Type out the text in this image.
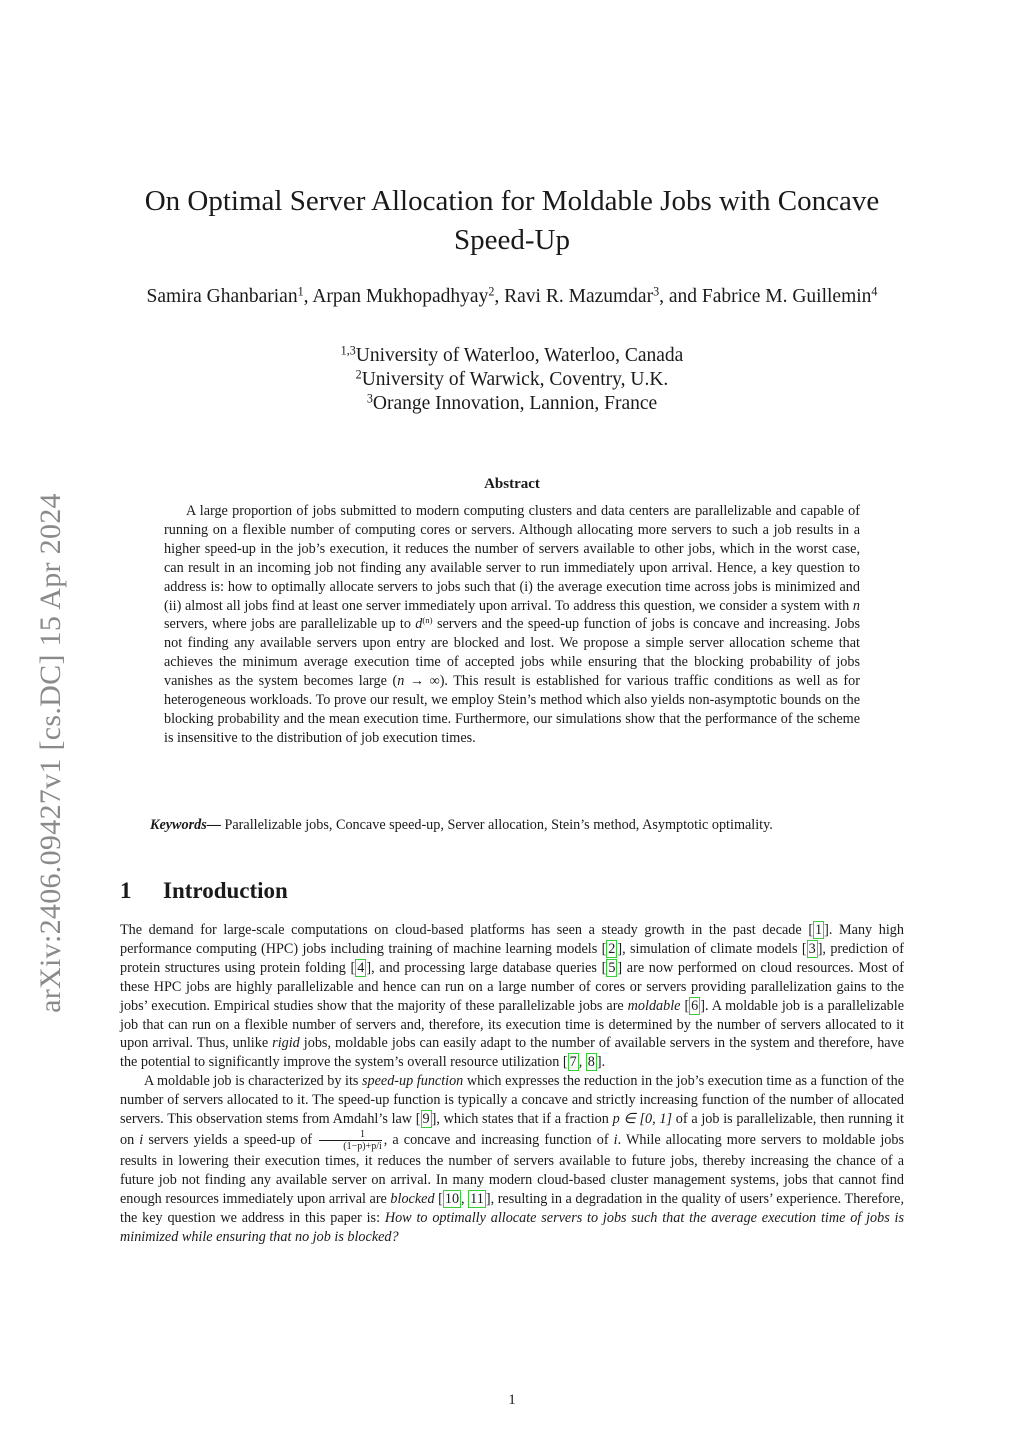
arXiv:2406.09427v1 [cs.DC] 15 Apr 2024
On Optimal Server Allocation for Moldable Jobs with Concave
Speed-Up

Samira Ghanbarian$^1$, Arpan Mukhopadhyay$^2$, Ravi R. Mazumdar$^3$, and Fabrice M. Guillemin$^4$

$^{1,3}$University of Waterloo, Waterloo, Canada
$^2$University of Warwick, Coventry, U.K.
$^3$Orange Innovation, Lannion, France
Abstract

A large proportion of jobs submitted to modern computing clusters and data centers are parallelizable and capable of running on a flexible number of computing cores or servers. Although allocating more servers to such a job results in a higher speed-up in the job’s execution, it reduces the number of servers available to other jobs, which in the worst case, can result in an incoming job not finding any available server to run immediately upon arrival. Hence, a key question to address is: how to optimally allocate servers to jobs such that (i) the average execution time across jobs is minimized and (ii) almost all jobs find at least one server immediately upon arrival. To address this question, we consider a system with n servers, where jobs are parallelizable up to $d^{(n)}$ servers and the speed-up function of jobs is concave and increasing. Jobs not finding any available servers upon entry are blocked and lost. We propose a simple server allocation scheme that achieves the minimum average execution time of accepted jobs while ensuring that the blocking probability of jobs vanishes as the system becomes large (n → ∞). This result is established for various traffic conditions as well as for heterogeneous workloads. To prove our result, we employ Stein’s method which also yields non-asymptotic bounds on the blocking probability and the mean execution time. Furthermore, our simulations show that the performance of the scheme is insensitive to the distribution of job execution times.

Keywords— Parallelizable jobs, Concave speed-up, Server allocation, Stein’s method, Asymptotic optimality.

1 Introduction

The demand for large-scale computations on cloud-based platforms has seen a steady growth in the past decade [ 1 ]. Many high performance computing (HPC) jobs including training of machine learning models [ 2 ], simulation of climate models [ 3 ], prediction of protein structures using protein folding [ 4 ], and processing large database queries [ 5 ] are now performed on cloud resources. Most of these HPC jobs are highly parallelizable and hence can run on a large number of cores or servers providing parallelization gains to the jobs’ execution. Empirical studies show that the majority of these parallelizable jobs are moldable [ 6 ]. A moldable job is a parallelizable job that can run on a flexible number of servers and, therefore, its execution time is determined by the number of servers allocated to it upon arrival. Thus, unlike rigid jobs, moldable jobs can easily adapt to the number of available servers in the system and therefore, have the potential to significantly improve the system’s overall resource utilization [ 7 , 8 ].

A moldable job is characterized by its speed-up function which expresses the reduction in the job’s execution time as a function of the number of servers allocated to it. The speed-up function is typically a concave and strictly increasing function of the number of allocated servers. This observation stems from Amdahl’s law [ 9 ], which states that if a fraction p ∈ [0, 1] of a job is parallelizable, then running it on i servers yields a speed-up of $\frac{1}{(1-p)+p/i}$ , a concave and increasing function of i. While allocating more servers to moldable jobs results in lowering their execution times, it reduces the number of servers available to future jobs, thereby increasing the chance of a future job not finding any available server on arrival. In many modern cloud-based cluster management systems, jobs that cannot find enough resources immediately upon arrival are blocked [ 10 , 11 ], resulting in a degradation in the quality of users’ experience. Therefore, the key question we address in this paper is: How to optimally allocate servers to jobs such that the average execution time of jobs is minimized while ensuring that no job is blocked?

1
